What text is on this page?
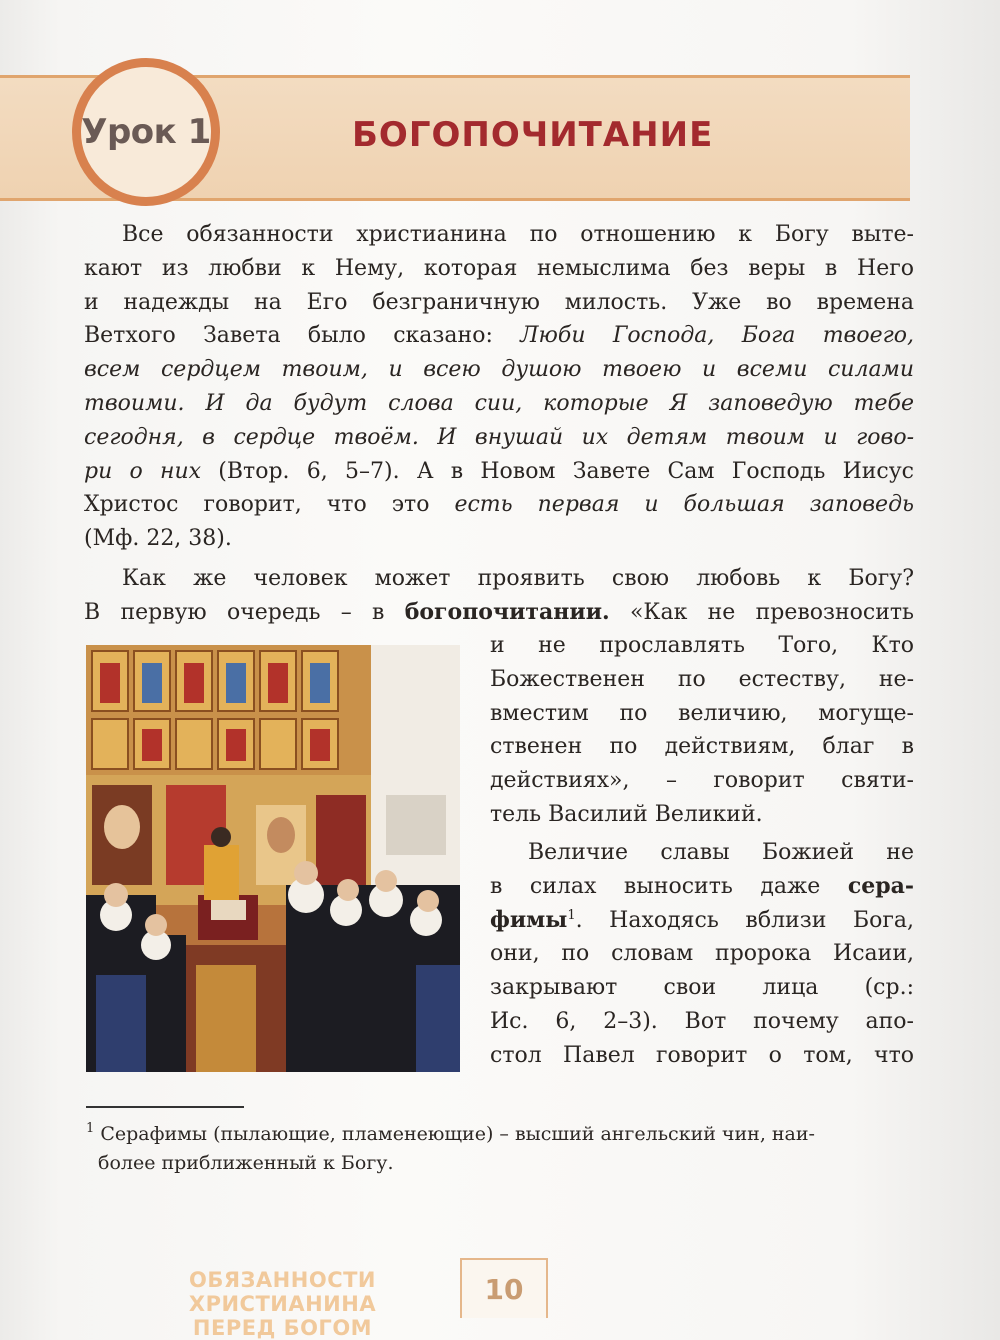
Урок 1	БОГОПОЧИТАНИЕ
Все обязанности христианина по отношению к Богу выте-
кают из любви к Нему, которая немыслима без веры в Него
и надежды на Его безграничную милость. Уже во времена
Ветхого Завета было сказано: Люби Господа, Бога твоего,
всем сердцем твоим, и всею душою твоею и всеми силами
твоими. И да будут слова сии, которые Я заповедую тебе
сегодня, в сердце твоём. И внушай их детям твоим и гово-
ри о них (Втор. 6, 5–7). А в Новом Завете Сам Господь Иисус
Христос говорит, что это есть первая и большая заповедь
(Мф. 22, 38).
Как же человек может проявить свою любовь к Богу?
В первую очередь – в богопочитании. «Как не превозносить
и не прославлять Того, Кто
Божественен по естеству, не-
вместим по величию, могуще-
ственен по действиям, благ в
действиях», – говорит святи-
тель Василий Великий.
Величие славы Божией не
в силах выносить даже сера-
фимы$^1$. Находясь вблизи Бога,
они, по словам пророка Исаии,
закрывают свои лица (ср.:
Ис. 6, 2–3). Вот почему апо-
стол Павел говорит о том, что
$^1$ Серафимы (пылающие, пламенеющие) – высший ангельский чин, наи-
более приближенный к Богу.
ОБЯЗАННОСТИ ХРИСТИАНИНА
ПЕРЕД БОГОМ
10
